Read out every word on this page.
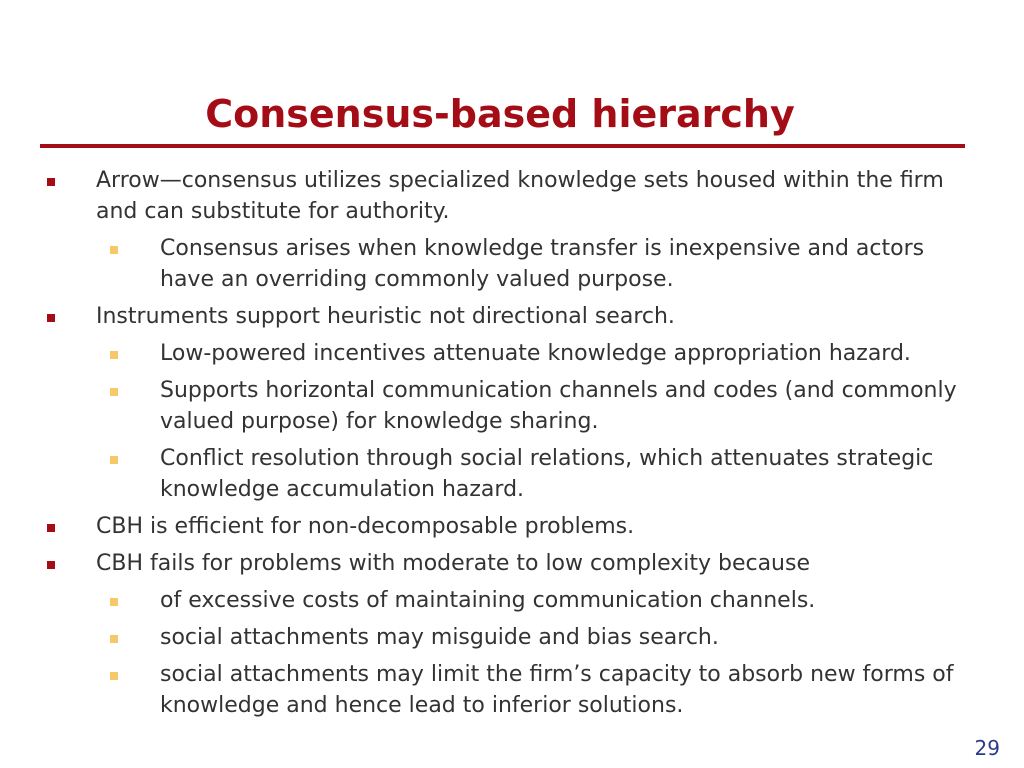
Consensus-based hierarchy
Arrow—consensus utilizes specialized knowledge sets housed within the firm and can substitute for authority.
Consensus arises when knowledge transfer is inexpensive and actors have an overriding commonly valued purpose.
Instruments support heuristic not directional search.
Low-powered incentives attenuate knowledge appropriation hazard.
Supports horizontal communication channels and codes (and commonly valued purpose) for knowledge sharing.
Conflict resolution through social relations, which attenuates strategic knowledge accumulation hazard.
CBH is efficient for non-decomposable problems.
CBH fails for problems with moderate to low complexity because
of excessive costs of maintaining communication channels.
social attachments may misguide and bias search.
social attachments may limit the firm’s capacity to absorb new forms of knowledge and hence lead to inferior solutions.
29
